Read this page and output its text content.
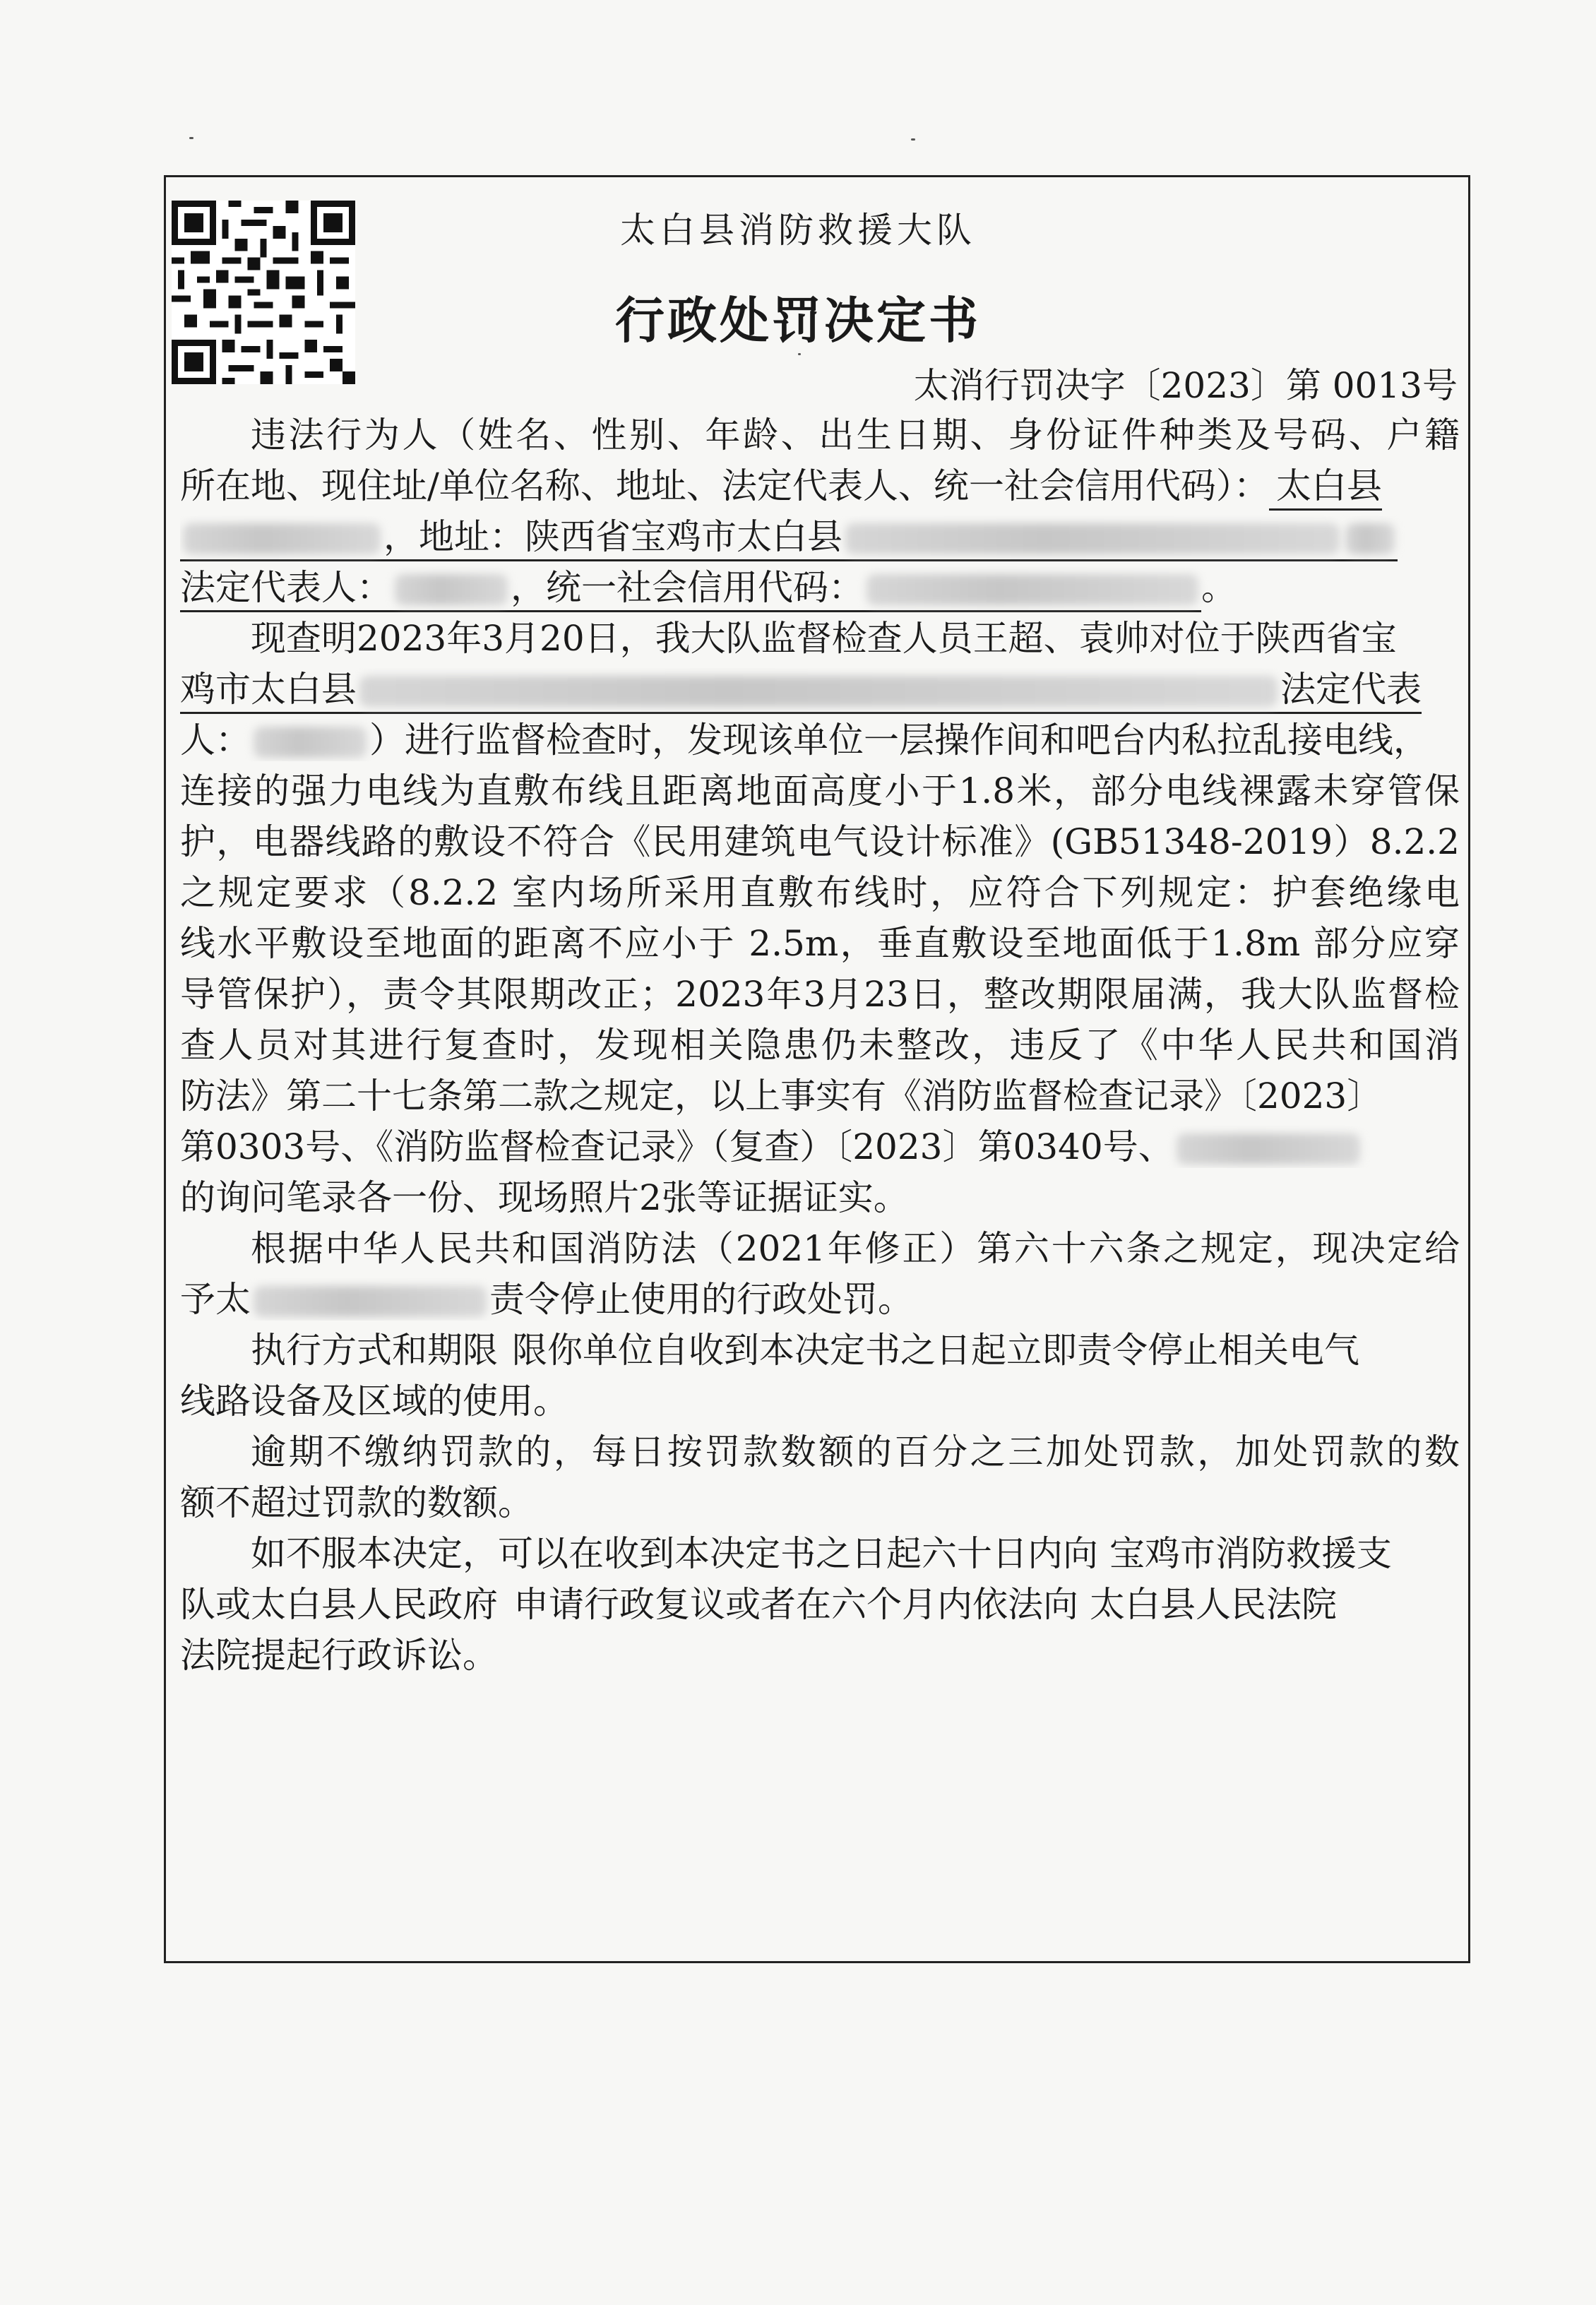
太白县消防救援大队
行政处罚决定书
太消行罚决字〔2023〕第 0013号
违法行为人（姓名、性别、年龄、出生日期、身份证件种类及号码、户籍
所在地、现住址/单位名称、地址、法定代表人、统一社会信用代码）： 太白县
，地址：陕西省宝鸡市太白县
法定代表人：	，统一社会信用代码：	。
现查明2023年3月20日，我大队监督检查人员王超、袁帅对位于陕西省宝
鸡市太白县	法定代表
人：	）进行监督检查时，发现该单位一层操作间和吧台内私拉乱接电线，
连接的强力电线为直敷布线且距离地面高度小于1.8米，部分电线裸露未穿管保
护，电器线路的敷设不符合《民用建筑电气设计标准》(GB51348-2019）8.2.2
之规定要求（8.2.2 室内场所采用直敷布线时，应符合下列规定：护套绝缘电
线水平敷设至地面的距离不应小于 2.5m，垂直敷设至地面低于1.8m 部分应穿
导管保护），责令其限期改正；2023年3月23日，整改期限届满，我大队监督检
查人员对其进行复查时，发现相关隐患仍未整改，违反了《中华人民共和国消
防法》第二十七条第二款之规定，以上事实有《消防监督检查记录》〔2023〕
第0303号、《消防监督检查记录》（复查）〔2023〕第0340号、
的询问笔录各一份、现场照片2张等证据证实。
根据中华人民共和国消防法（2021年修正）第六十六条之规定，现决定给
予太	责令停止使用的行政处罚。
执行方式和期限 限你单位自收到本决定书之日起立即责令停止相关电气
线路设备及区域的使用。
逾期不缴纳罚款的，每日按罚款数额的百分之三加处罚款，加处罚款的数
额不超过罚款的数额。
如不服本决定，可以在收到本决定书之日起六十日内向 宝鸡市消防救援支
队或太白县人民政府 申请行政复议或者在六个月内依法向 太白县人民法院
法院提起行政诉讼。
